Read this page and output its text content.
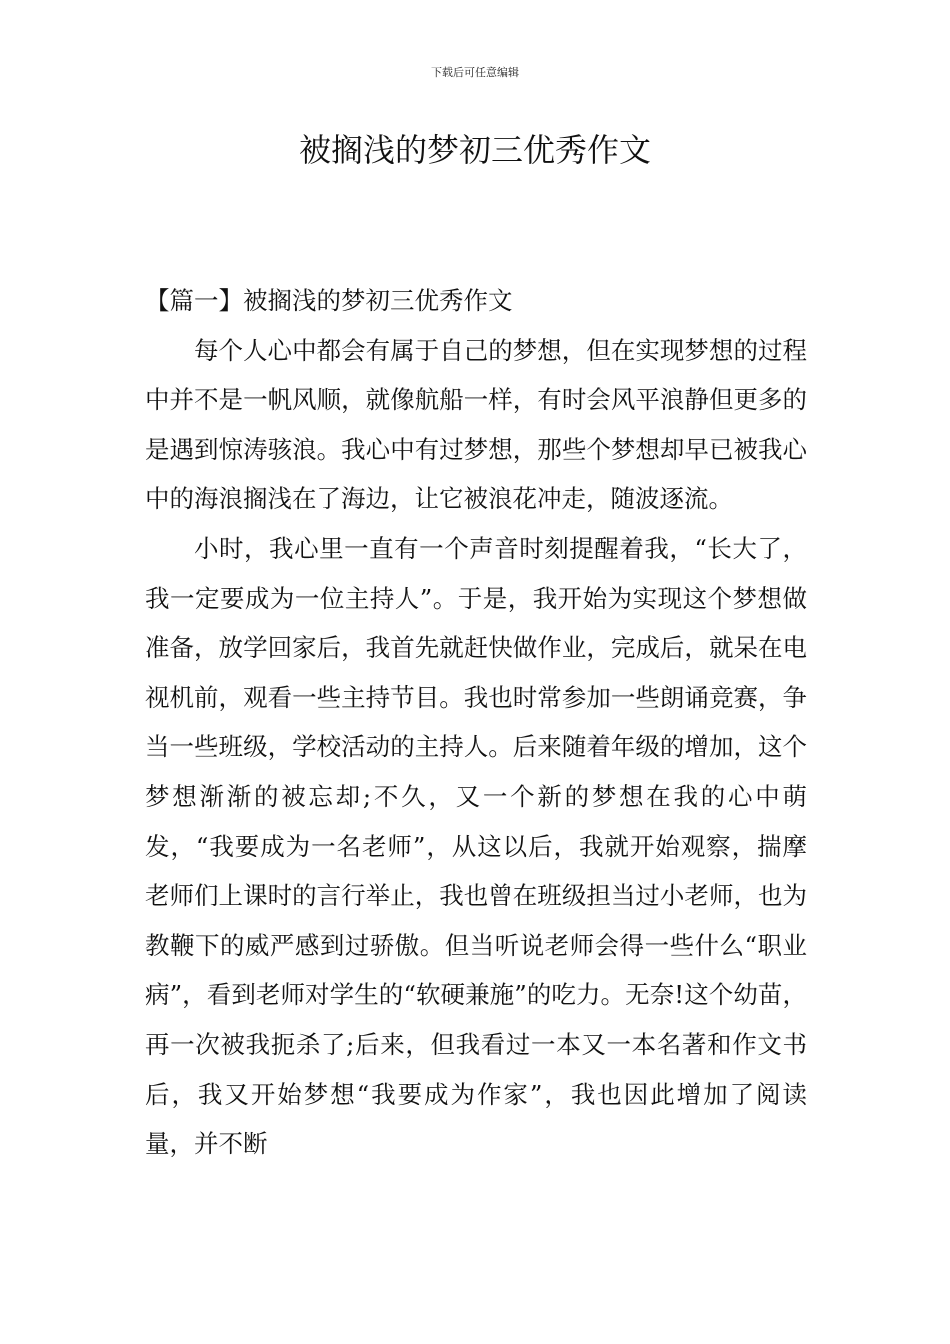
下载后可任意编辑
被搁浅的梦初三优秀作文

【篇一】被搁浅的梦初三优秀作文

每个人心中都会有属于自己的梦想，但在实现梦想的过程中并不是一帆风顺，就像航船一样，有时会风平浪静但更多的是遇到惊涛骇浪。我心中有过梦想，那些个梦想却早已被我心中的海浪搁浅在了海边，让它被浪花冲走，随波逐流。

小时，我心里一直有一个声音时刻提醒着我，“长大了，我一定要成为一位主持人”。于是，我开始为实现这个梦想做准备，放学回家后，我首先就赶快做作业，完成后，就呆在电视机前，观看一些主持节目。我也时常参加一些朗诵竞赛，争当一些班级，学校活动的主持人。后来随着年级的增加，这个梦想渐渐的被忘却;不久，又一个新的梦想在我的心中萌发，“我要成为一名老师”，从这以后，我就开始观察，揣摩老师们上课时的言行举止，我也曾在班级担当过小老师，也为教鞭下的威严感到过骄傲。但当听说老师会得一些什么“职业病”，看到老师对学生的“软硬兼施”的吃力。无奈!这个幼苗，再一次被我扼杀了;后来，但我看过一本又一本名著和作文书后，我又开始梦想“我要成为作家”，我也因此增加了阅读量，并不断
